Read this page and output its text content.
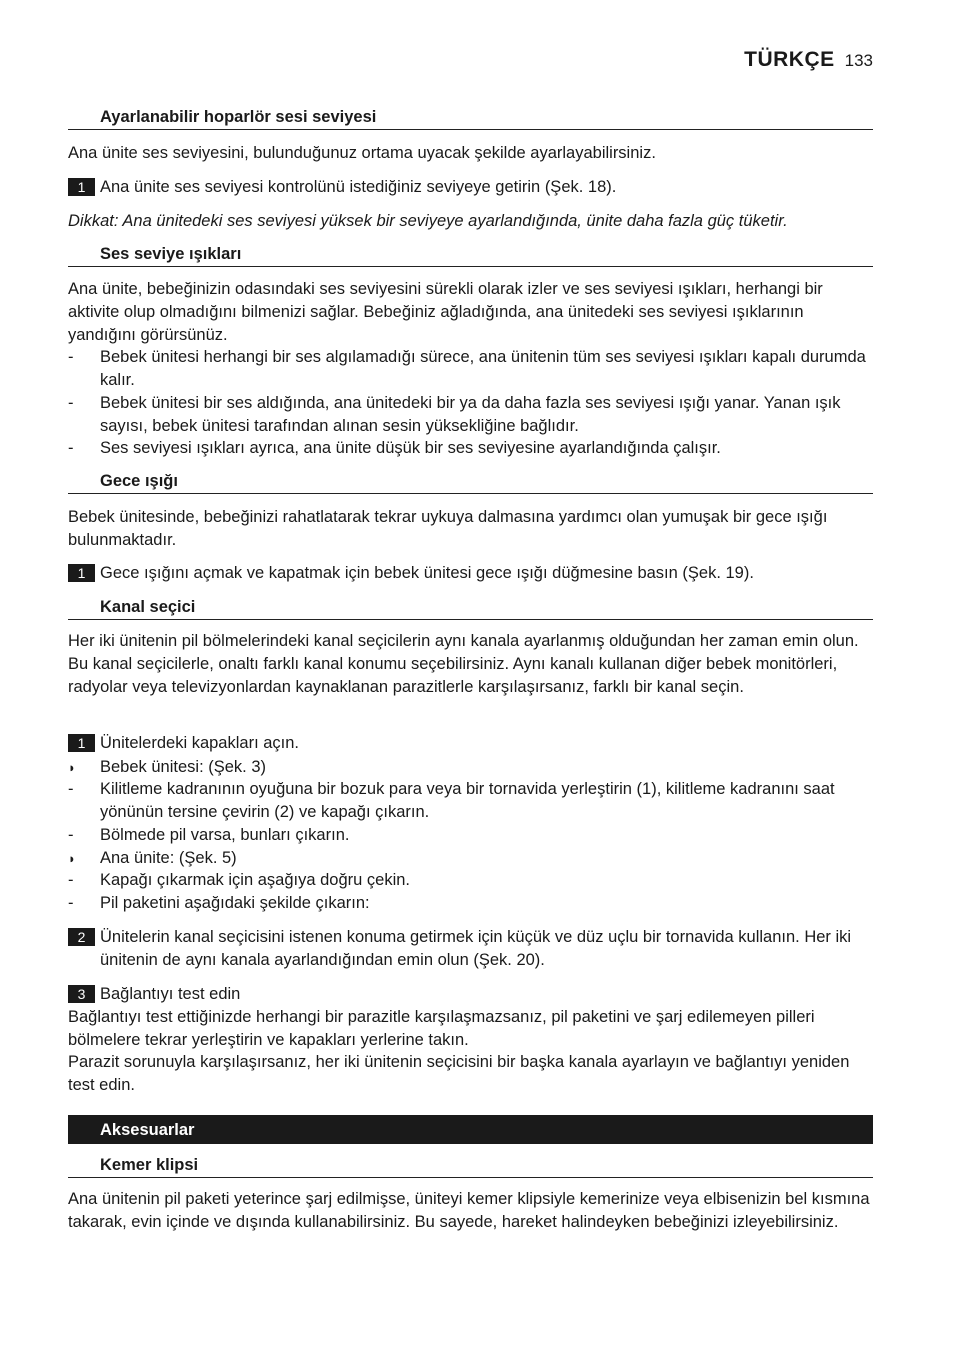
TÜRKÇE 133
Ayarlanabilir hoparlör sesi seviyesi

Ana ünite ses seviyesini, bulunduğunuz ortama uyacak şekilde ayarlayabilirsiniz.

1 Ana ünite ses seviyesi kontrolünü istediğiniz seviyeye getirin (Şek. 18).

Dikkat: Ana ünitedeki ses seviyesi yüksek bir seviyeye ayarlandığında, ünite daha fazla güç tüketir.

Ses seviye ışıkları

Ana ünite, bebeğinizin odasındaki ses seviyesini sürekli olarak izler ve ses seviyesi ışıkları, herhangi bir aktivite olup olmadığını bilmenizi sağlar. Bebeğiniz ağladığında, ana ünitedeki ses seviyesi ışıklarının yandığını görürsünüz.

-	Bebek ünitesi herhangi bir ses algılamadığı sürece, ana ünitenin tüm ses seviyesi ışıkları kapalı durumda kalır.
-	Bebek ünitesi bir ses aldığında, ana ünitedeki bir ya da daha fazla ses seviyesi ışığı yanar. Yanan ışık sayısı, bebek ünitesi tarafından alınan sesin yüksekliğine bağlıdır.
-	Ses seviyesi ışıkları ayrıca, ana ünite düşük bir ses seviyesine ayarlandığında çalışır.
Gece ışığı

Bebek ünitesinde, bebeğinizi rahatlatarak tekrar uykuya dalmasına yardımcı olan yumuşak bir gece ışığı bulunmaktadır.

1 Gece ışığını açmak ve kapatmak için bebek ünitesi gece ışığı düğmesine basın (Şek. 19).
Kanal seçici

Her iki ünitenin pil bölmelerindeki kanal seçicilerin aynı kanala ayarlanmış olduğundan her zaman emin olun. Bu kanal seçicilerle, onaltı farklı kanal konumu seçebilirsiniz. Aynı kanalı kullanan diğer bebek monitörleri, radyolar veya televizyonlardan kaynaklanan parazitlerle karşılaşırsanız, farklı bir kanal seçin.

1 Ünitelerdeki kapakları açın.
◗	Bebek ünitesi: (Şek. 3)
-	Kilitleme kadranının oyuğuna bir bozuk para veya bir tornavida yerleştirin (1), kilitleme kadranını saat yönünün tersine çevirin (2) ve kapağı çıkarın.
-	Bölmede pil varsa, bunları çıkarın.
◗	Ana ünite: (Şek. 5)
-	Kapağı çıkarmak için aşağıya doğru çekin.
-	Pil paketini aşağıdaki şekilde çıkarın:
2 Ünitelerin kanal seçicisini istenen konuma getirmek için küçük ve düz uçlu bir tornavida kullanın. Her iki ünitenin de aynı kanala ayarlandığından emin olun (Şek. 20).
3 Bağlantıyı test edin

Bağlantıyı test ettiğinizde herhangi bir parazitle karşılaşmazsanız, pil paketini ve şarj edilemeyen pilleri bölmelere tekrar yerleştirin ve kapakları yerlerine takın.

Parazit sorunuyla karşılaşırsanız, her iki ünitenin seçicisini bir başka kanala ayarlayın ve bağlantıyı yeniden test edin.

Aksesuarlar
Kemer klipsi

Ana ünitenin pil paketi yeterince şarj edilmişse, üniteyi kemer klipsiyle kemerinize veya elbisenizin bel kısmına takarak, evin içinde ve dışında kullanabilirsiniz. Bu sayede, hareket halindeyken bebeğinizi izleyebilirsiniz.
